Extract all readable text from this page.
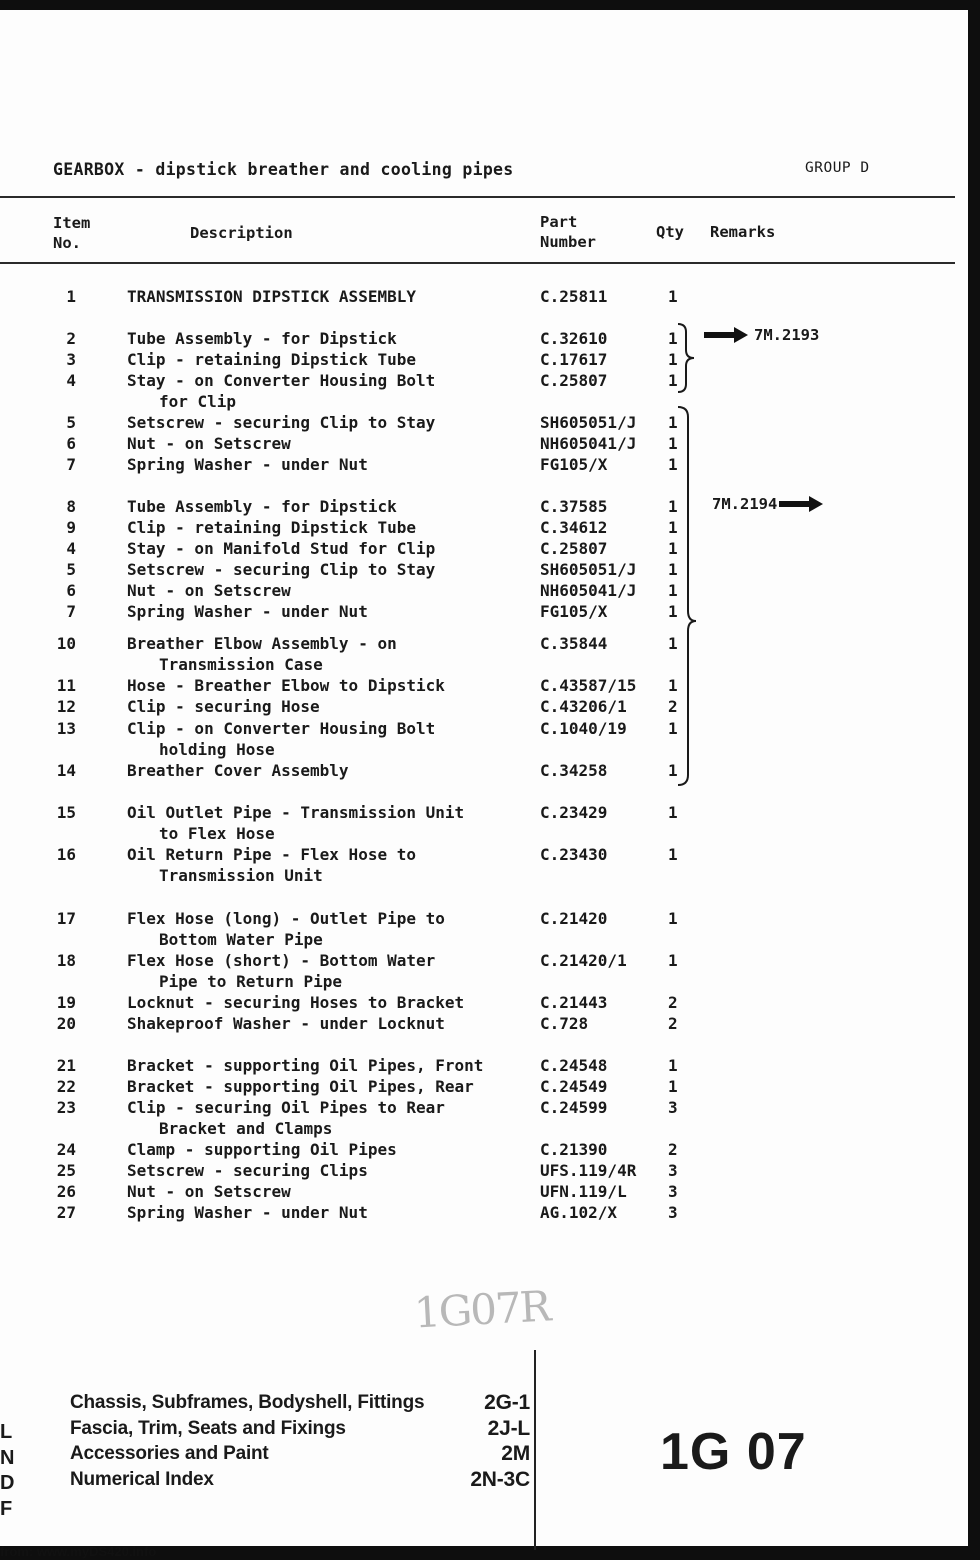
GEARBOX - dipstick breather and cooling pipes	GROUP D
Item
No.
Description
Part
Number
Qty Remarks
1	TRANSMISSION DIPSTICK ASSEMBLY	C.25811	1
2	Tube Assembly - for Dipstick	C.32610	1
3	Clip - retaining Dipstick Tube	C.17617	1
4	Stay - on Converter Housing Bolt	C.25807	1
for Clip
5	Setscrew - securing Clip to Stay	SH605051/J 1
6	Nut - on Setscrew	NH605041/J 1
7	Spring Washer - under Nut	FG105/X	1
8	Tube Assembly - for Dipstick	C.37585	1
9	Clip - retaining Dipstick Tube	C.34612	1
4	Stay - on Manifold Stud for Clip	C.25807	1
5	Setscrew - securing Clip to Stay	SH605051/J 1
6	Nut - on Setscrew	NH605041/J 1
7	Spring Washer - under Nut	FG105/X	1
10	Breather Elbow Assembly - on	C.35844	1
Transmission Case
11	Hose - Breather Elbow to Dipstick	C.43587/15 1
12	Clip - securing Hose	C.43206/1	2
13	Clip - on Converter Housing Bolt	C.1040/19	1
holding Hose
14	Breather Cover Assembly	C.34258	1
15	Oil Outlet Pipe - Transmission Unit	C.23429	1
to Flex Hose
16	Oil Return Pipe - Flex Hose to	C.23430	1
Transmission Unit
17	Flex Hose (long) - Outlet Pipe to	C.21420	1
Bottom Water Pipe
18	Flex Hose (short) - Bottom Water	C.21420/1	1
Pipe to Return Pipe
19	Locknut - securing Hoses to Bracket	C.21443	2
20	Shakeproof Washer - under Locknut	C.728	2
21	Bracket - supporting Oil Pipes, Front	C.24548	1
22	Bracket - supporting Oil Pipes, Rear	C.24549	1
23	Clip - securing Oil Pipes to Rear	C.24599	3
Bracket and Clamps
24	Clamp - supporting Oil Pipes	C.21390	2
25	Setscrew - securing Clips	UFS.119/4R 3
26	Nut - on Setscrew	UFN.119/L	3
27	Spring Washer - under Nut	AG.102/X	3
7M.2193
7M.2194
1G07R
L
N
D
F
Chassis, Subframes, Bodyshell, Fittings	2G-1
Fascia, Trim, Seats and Fixings	2J-L
Accessories and Paint	2M
Numerical Index	2N-3C	1G 07
from: www.myDS420.info
